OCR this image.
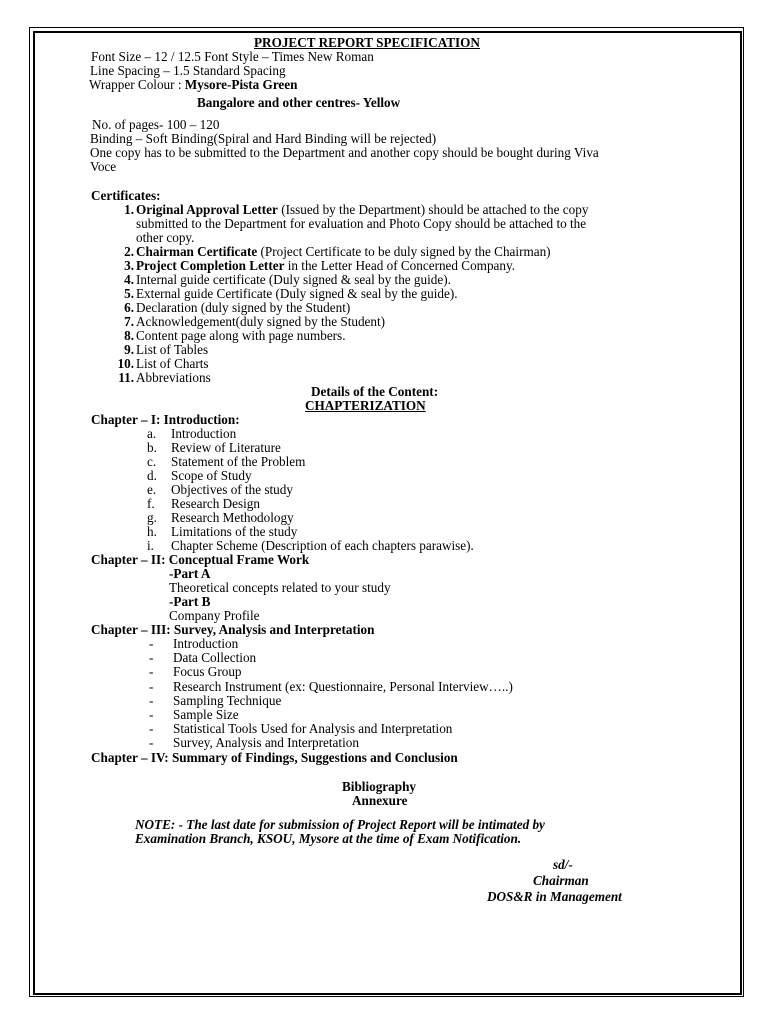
PROJECT REPORT SPECIFICATION
Font Size – 12 / 12.5 Font Style – Times New Roman
Line Spacing – 1.5 Standard Spacing
Wrapper Colour : Mysore-Pista Green
Bangalore and other centres- Yellow
No. of pages- 100 – 120
Binding – Soft Binding(Spiral and Hard Binding will be rejected)
One copy has to be submitted to the Department and another copy should be bought during Viva
Voce
Certificates:
1. Original Approval Letter (Issued by the Department) should be attached to the copy
submitted to the Department for evaluation and Photo Copy should be attached to the
other copy.
2. Chairman Certificate (Project Certificate to be duly signed by the Chairman)
3. Project Completion Letter in the Letter Head of Concerned Company.
4. Internal guide certificate (Duly signed & seal by the guide).
5. External guide Certificate (Duly signed & seal by the guide).
6. Declaration (duly signed by the Student)
7. Acknowledgement(duly signed by the Student)
8. Content page along with page numbers.
9. List of Tables
10. List of Charts
11. Abbreviations
Details of the Content:
CHAPTERIZATION
Chapter – I: Introduction:
a. Introduction
b. Review of Literature
c. Statement of the Problem
d. Scope of Study
e. Objectives of the study
f. Research Design
g. Research Methodology
h. Limitations of the study
i. Chapter Scheme (Description of each chapters parawise).
Chapter – II: Conceptual Frame Work
-Part A
Theoretical concepts related to your study
-Part B
Company Profile
Chapter – III: Survey, Analysis and Interpretation
- Introduction
- Data Collection
- Focus Group
- Research Instrument (ex: Questionnaire, Personal Interview…..)
- Sampling Technique
- Sample Size
- Statistical Tools Used for Analysis and Interpretation
- Survey, Analysis and Interpretation
Chapter – IV: Summary of Findings, Suggestions and Conclusion
Bibliography
Annexure
NOTE: - The last date for submission of Project Report will be intimated by
Examination Branch, KSOU, Mysore at the time of Exam Notification.
sd/-
Chairman
DOS&R in Management
